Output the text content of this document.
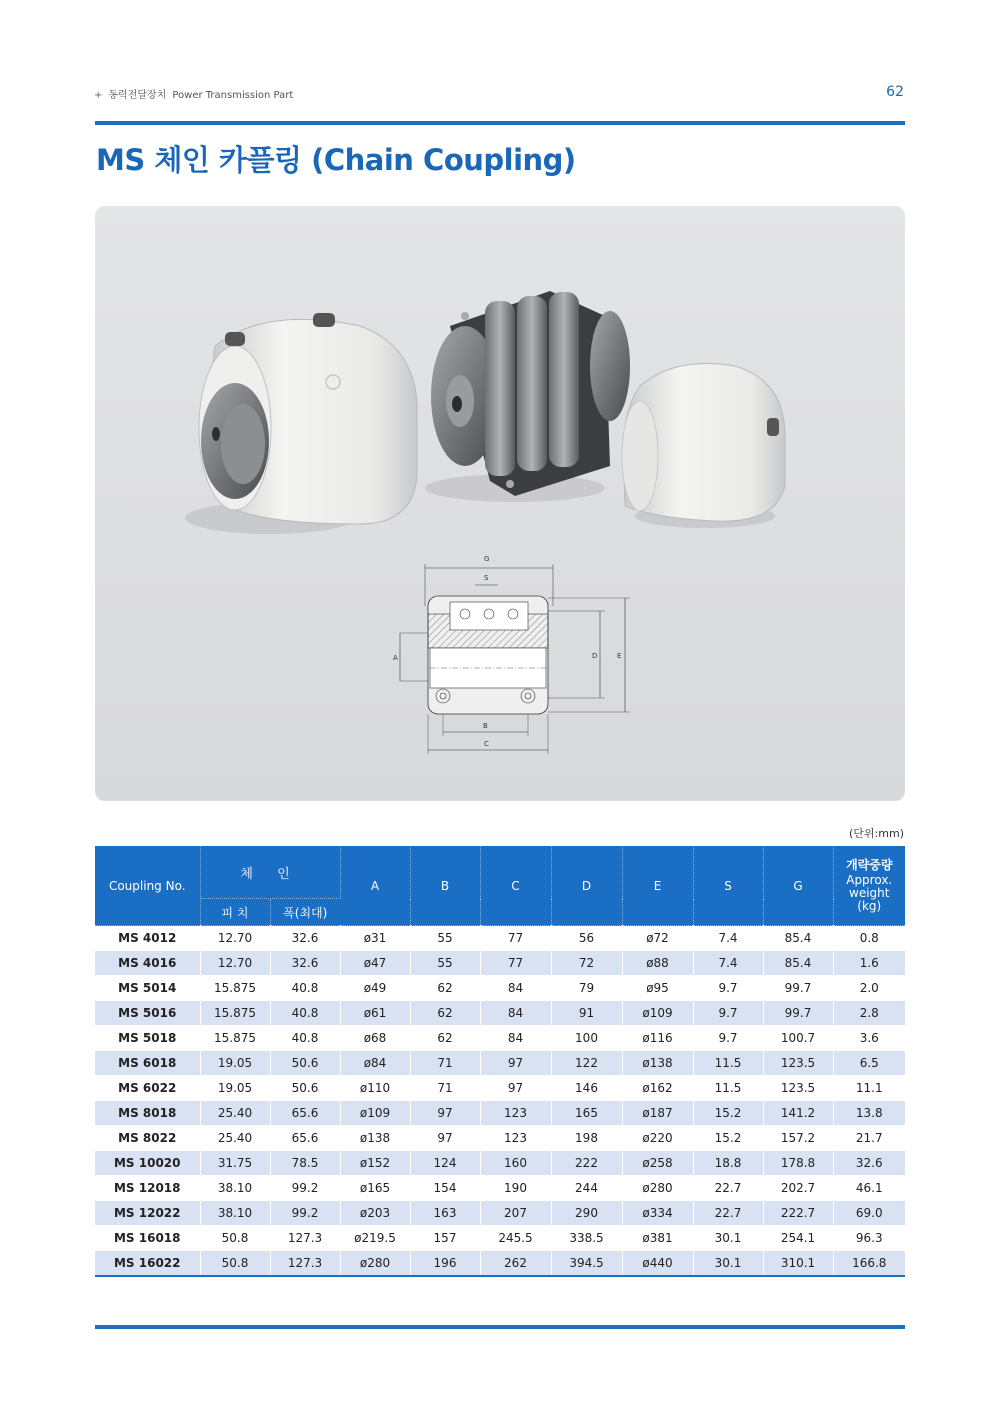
+ 동력전달장치 Power Transmission Part	62
MS 체인 카플링 (Chain Coupling)
G
S
A	D	E
B
C
(단위:mm)
Coupling No.	체 인		A	B	C	D	E	S	G	개략중량
Approx.
weight
(kg)
	피 치	폭(최대)								
MS 4012	12.70	32.6	ø31	55	77	56	ø72	7.4	85.4	0.8
MS 4016	12.70	32.6	ø47	55	77	72	ø88	7.4	85.4	1.6
MS 5014	15.875	40.8	ø49	62	84	79	ø95	9.7	99.7	2.0
MS 5016	15.875	40.8	ø61	62	84	91	ø109	9.7	99.7	2.8
MS 5018	15.875	40.8	ø68	62	84	100	ø116	9.7	100.7	3.6
MS 6018	19.05	50.6	ø84	71	97	122	ø138	11.5	123.5	6.5
MS 6022	19.05	50.6	ø110	71	97	146	ø162	11.5	123.5	11.1
MS 8018	25.40	65.6	ø109	97	123	165	ø187	15.2	141.2	13.8
MS 8022	25.40	65.6	ø138	97	123	198	ø220	15.2	157.2	21.7
MS 10020	31.75	78.5	ø152	124	160	222	ø258	18.8	178.8	32.6
MS 12018	38.10	99.2	ø165	154	190	244	ø280	22.7	202.7	46.1
MS 12022	38.10	99.2	ø203	163	207	290	ø334	22.7	222.7	69.0
MS 16018	50.8	127.3	ø219.5	157	245.5	338.5	ø381	30.1	254.1	96.3
MS 16022	50.8	127.3	ø280	196	262	394.5	ø440	30.1	310.1	166.8
